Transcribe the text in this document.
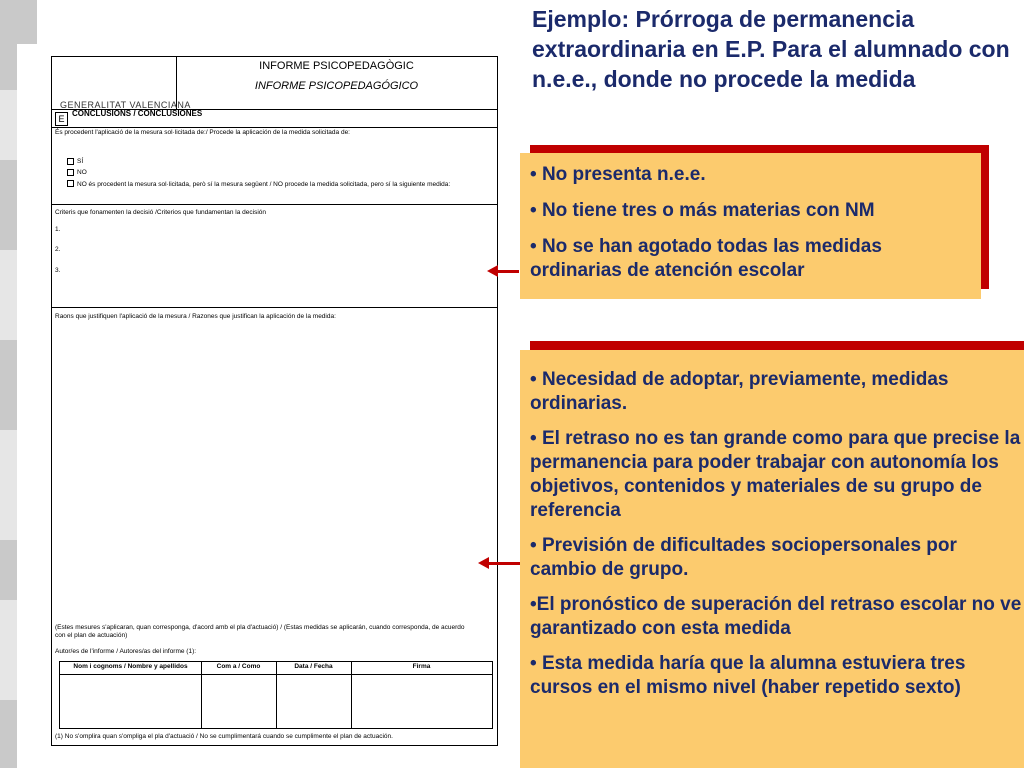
GENERALITAT VALENCIANA
INFORME PSICOPEDAGÒGIC
INFORME PSICOPEDAGÓGICO
E
CONCLUSIONS / CONCLUSIONES
És procedent l'aplicació de la mesura sol·licitada de:/ Procede la aplicación de la medida solicitada de:
SÍ
NO
NO és procedent la mesura sol·licitada, però sí la mesura següent / NO procede la medida solicitada, pero sí la siguiente medida:
Criteris que fonamenten la decisió /Criterios que fundamentan la decisión
1.
2.
3.
Raons que justifiquen l'aplicació de la mesura / Razones que justifican la aplicación de la medida:
(Estes mesures s'aplicaran, quan corresponga, d'acord amb el pla d'actuació) / (Estas medidas se aplicarán, cuando corresponda, de acuerdo
con el plan de actuación)
Autor/es de l'informe / Autores/as del informe (1):
Nom i cognoms / Nombre y apellidos	Com a / Como	Data / Fecha	Firma
(1) No s'omplira quan s'ompliga el pla d'actuació / No se cumplimentará cuando se cumplimente el plan de actuación.
Ejemplo: Prórroga de permanencia extraordinaria en E.P. Para el alumnado con n.e.e., donde no procede la medida
• No presenta n.e.e.
• No tiene tres o más materias con NM
• No se han agotado todas las medidas ordinarias de atención escolar
• Necesidad de adoptar, previamente, medidas ordinarias.
• El retraso no es tan grande como para que precise la permanencia para poder trabajar con autonomía los objetivos, contenidos y materiales de su grupo de referencia
• Previsión de dificultades sociopersonales por cambio de grupo.
•El pronóstico de superación del retraso escolar no ve garantizado con esta medida
• Esta medida haría que la alumna estuviera tres cursos en el mismo nivel (haber repetido sexto)
